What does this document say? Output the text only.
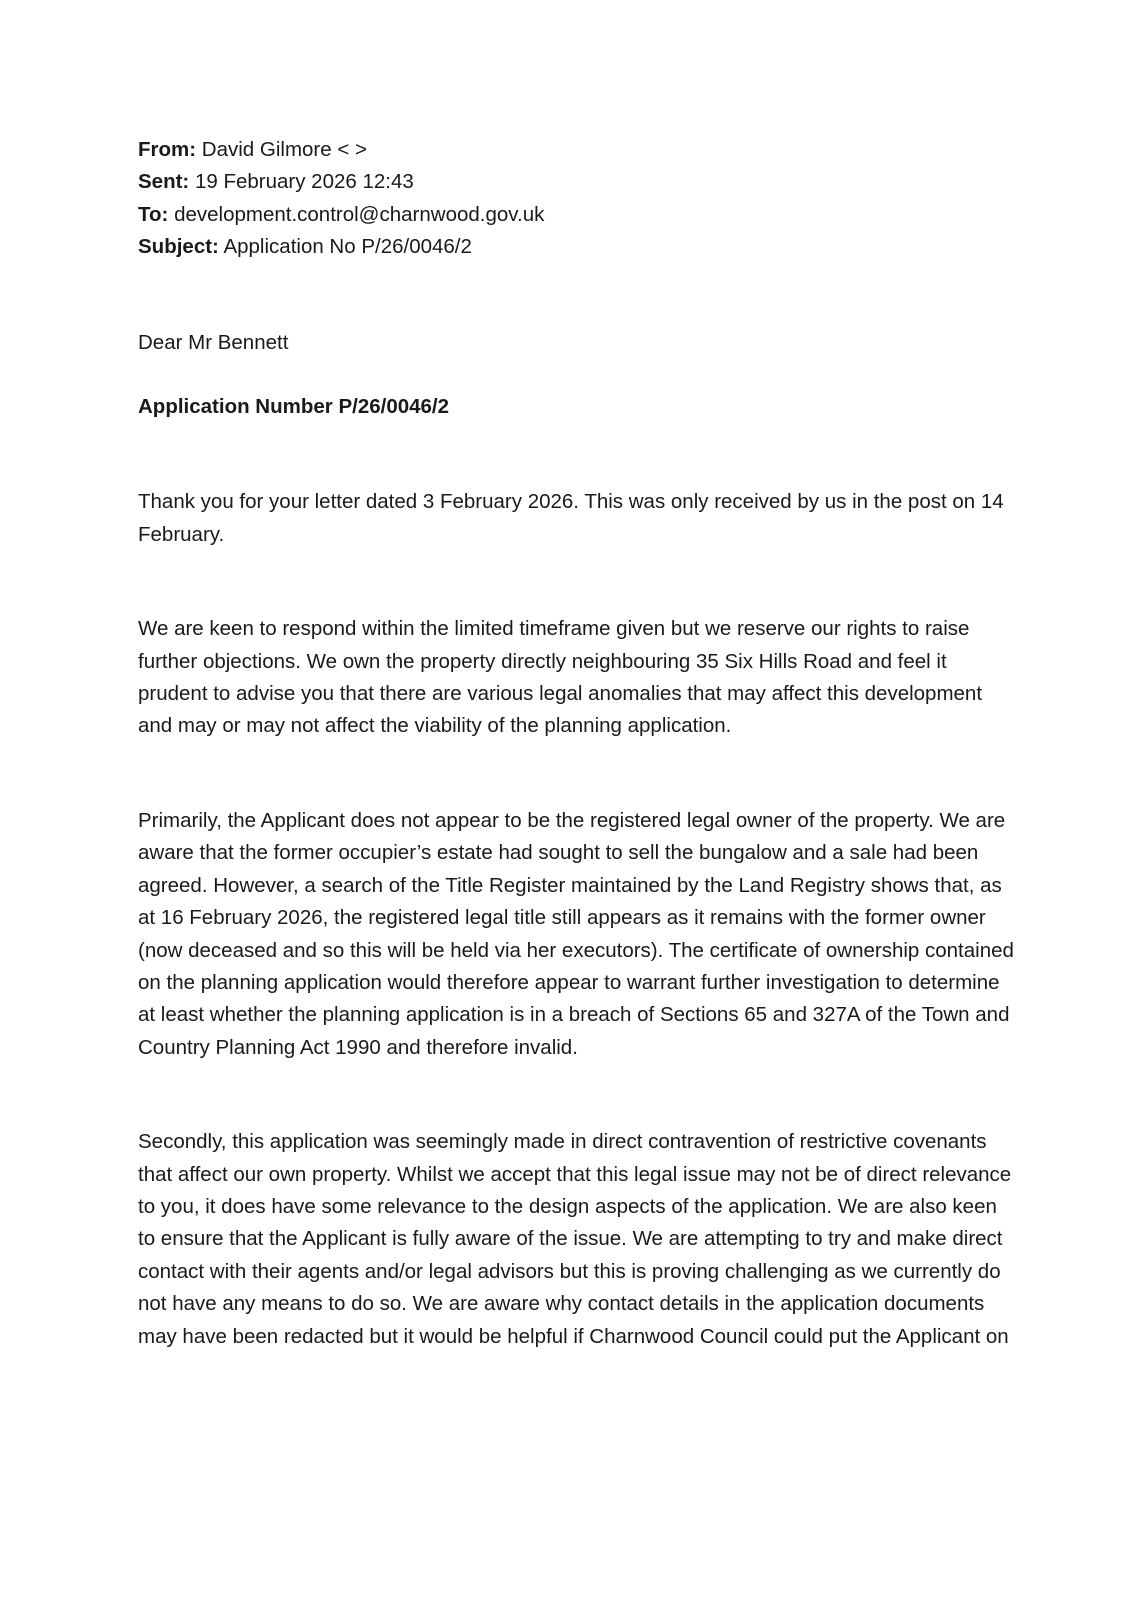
From: David Gilmore < >
Sent: 19 February 2026 12:43
To: development.control@charnwood.gov.uk
Subject: Application No P/26/0046/2
Dear Mr Bennett
Application Number P/26/0046/2

Thank you for your letter dated 3 February 2026. This was only received by us in the post on 14 February.

We are keen to respond within the limited timeframe given but we reserve our rights to raise further objections. We own the property directly neighbouring 35 Six Hills Road and feel it prudent to advise you that there are various legal anomalies that may affect this development and may or may not affect the viability of the planning application.

Primarily, the Applicant does not appear to be the registered legal owner of the property. We are aware that the former occupier’s estate had sought to sell the bungalow and a sale had been agreed. However, a search of the Title Register maintained by the Land Registry shows that, as at 16 February 2026, the registered legal title still appears as it remains with the former owner (now deceased and so this will be held via her executors). The certificate of ownership contained on the planning application would therefore appear to warrant further investigation to determine at least whether the planning application is in a breach of Sections 65 and 327A of the Town and Country Planning Act 1990 and therefore invalid.

Secondly, this application was seemingly made in direct contravention of restrictive covenants that affect our own property. Whilst we accept that this legal issue may not be of direct relevance to you, it does have some relevance to the design aspects of the application. We are also keen to ensure that the Applicant is fully aware of the issue. We are attempting to try and make direct contact with their agents and/or legal advisors but this is proving challenging as we currently do not have any means to do so. We are aware why contact details in the application documents may have been redacted but it would be helpful if Charnwood Council could put the Applicant on
